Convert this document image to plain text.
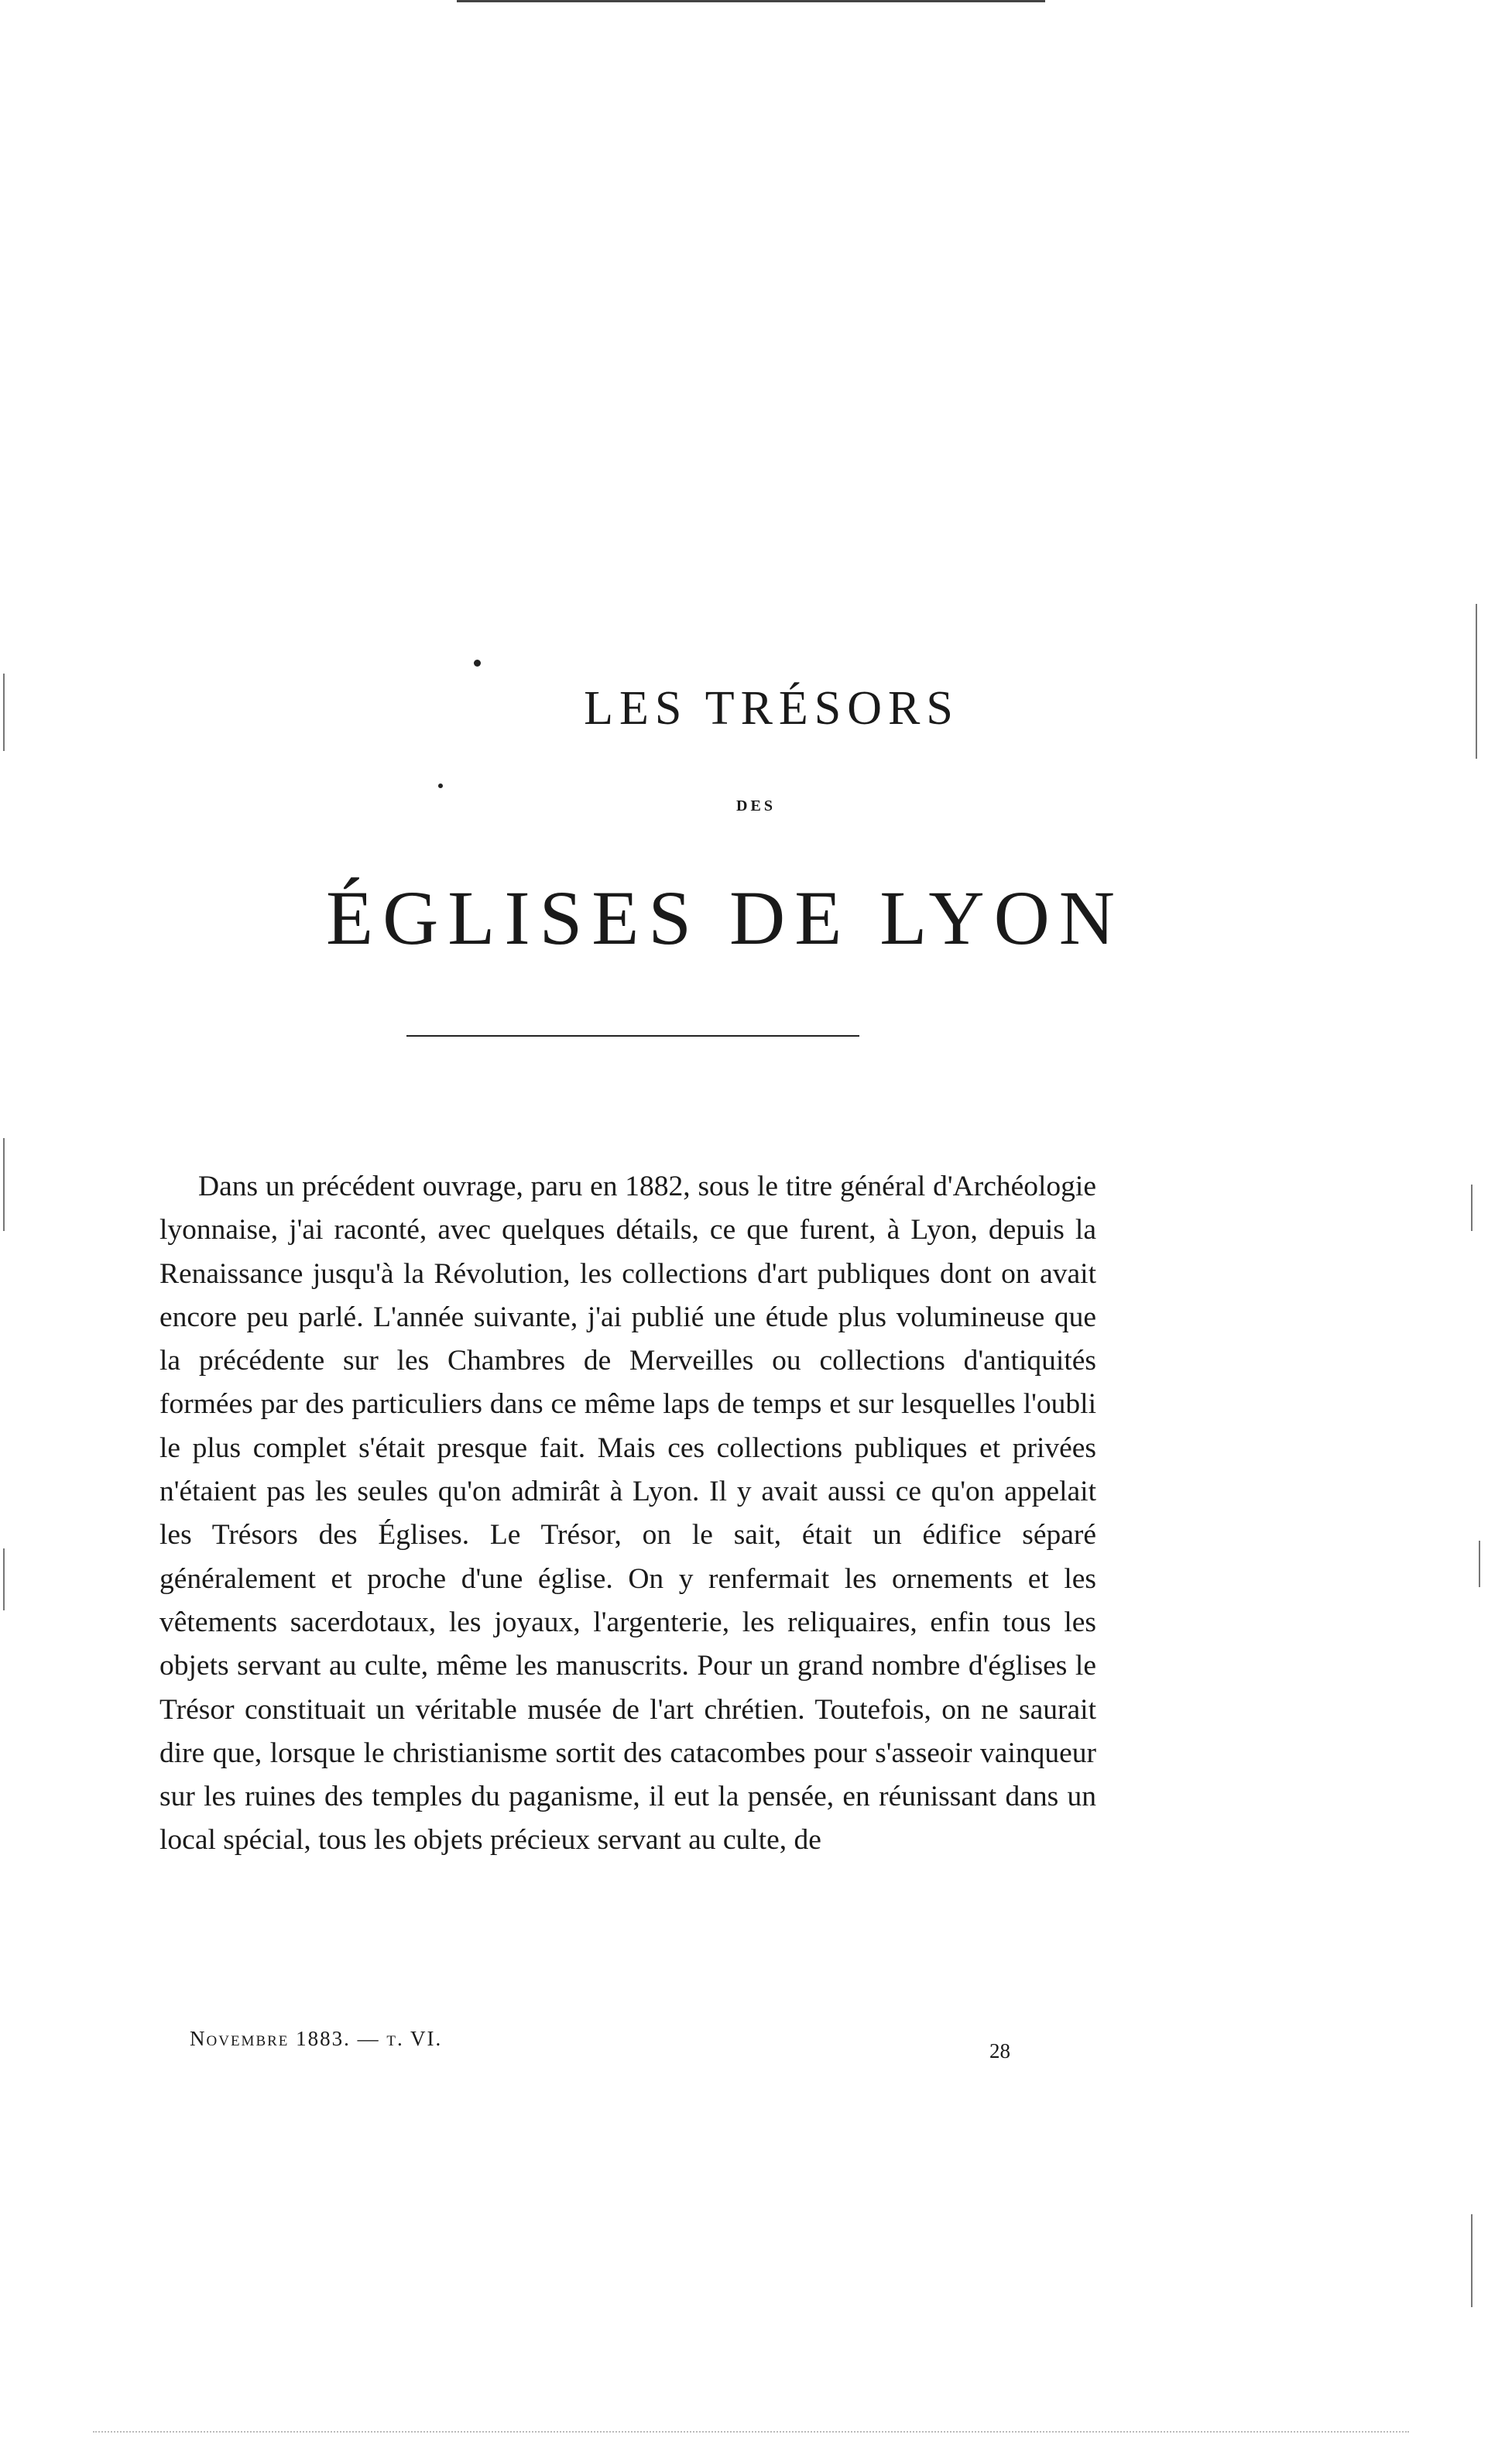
LES TRÉSORS
DES
ÉGLISES DE LYON

Dans un précédent ouvrage, paru en 1882, sous le titre général d'Archéologie lyonnaise, j'ai raconté, avec quelques détails, ce que furent, à Lyon, depuis la Renaissance jusqu'à la Révolution, les collections d'art publiques dont on avait encore peu parlé. L'année suivante, j'ai publié une étude plus volumineuse que la précédente sur les Chambres de Merveilles ou collections d'antiquités formées par des particuliers dans ce même laps de temps et sur lesquelles l'oubli le plus complet s'était presque fait. Mais ces collections publiques et privées n'étaient pas les seules qu'on admirât à Lyon. Il y avait aussi ce qu'on appelait les Trésors des Églises. Le Trésor, on le sait, était un édifice séparé généralement et proche d'une église. On y renfermait les ornements et les vêtements sacerdotaux, les joyaux, l'argenterie, les reliquaires, enfin tous les objets servant au culte, même les manuscrits. Pour un grand nombre d'églises le Trésor constituait un véritable musée de l'art chrétien. Toutefois, on ne saurait dire que, lorsque le christianisme sortit des catacombes pour s'asseoir vainqueur sur les ruines des temples du paganisme, il eut la pensée, en réunissant dans un local spécial, tous les objets précieux servant au culte, de

Novembre 1883. — t. VI.
28
